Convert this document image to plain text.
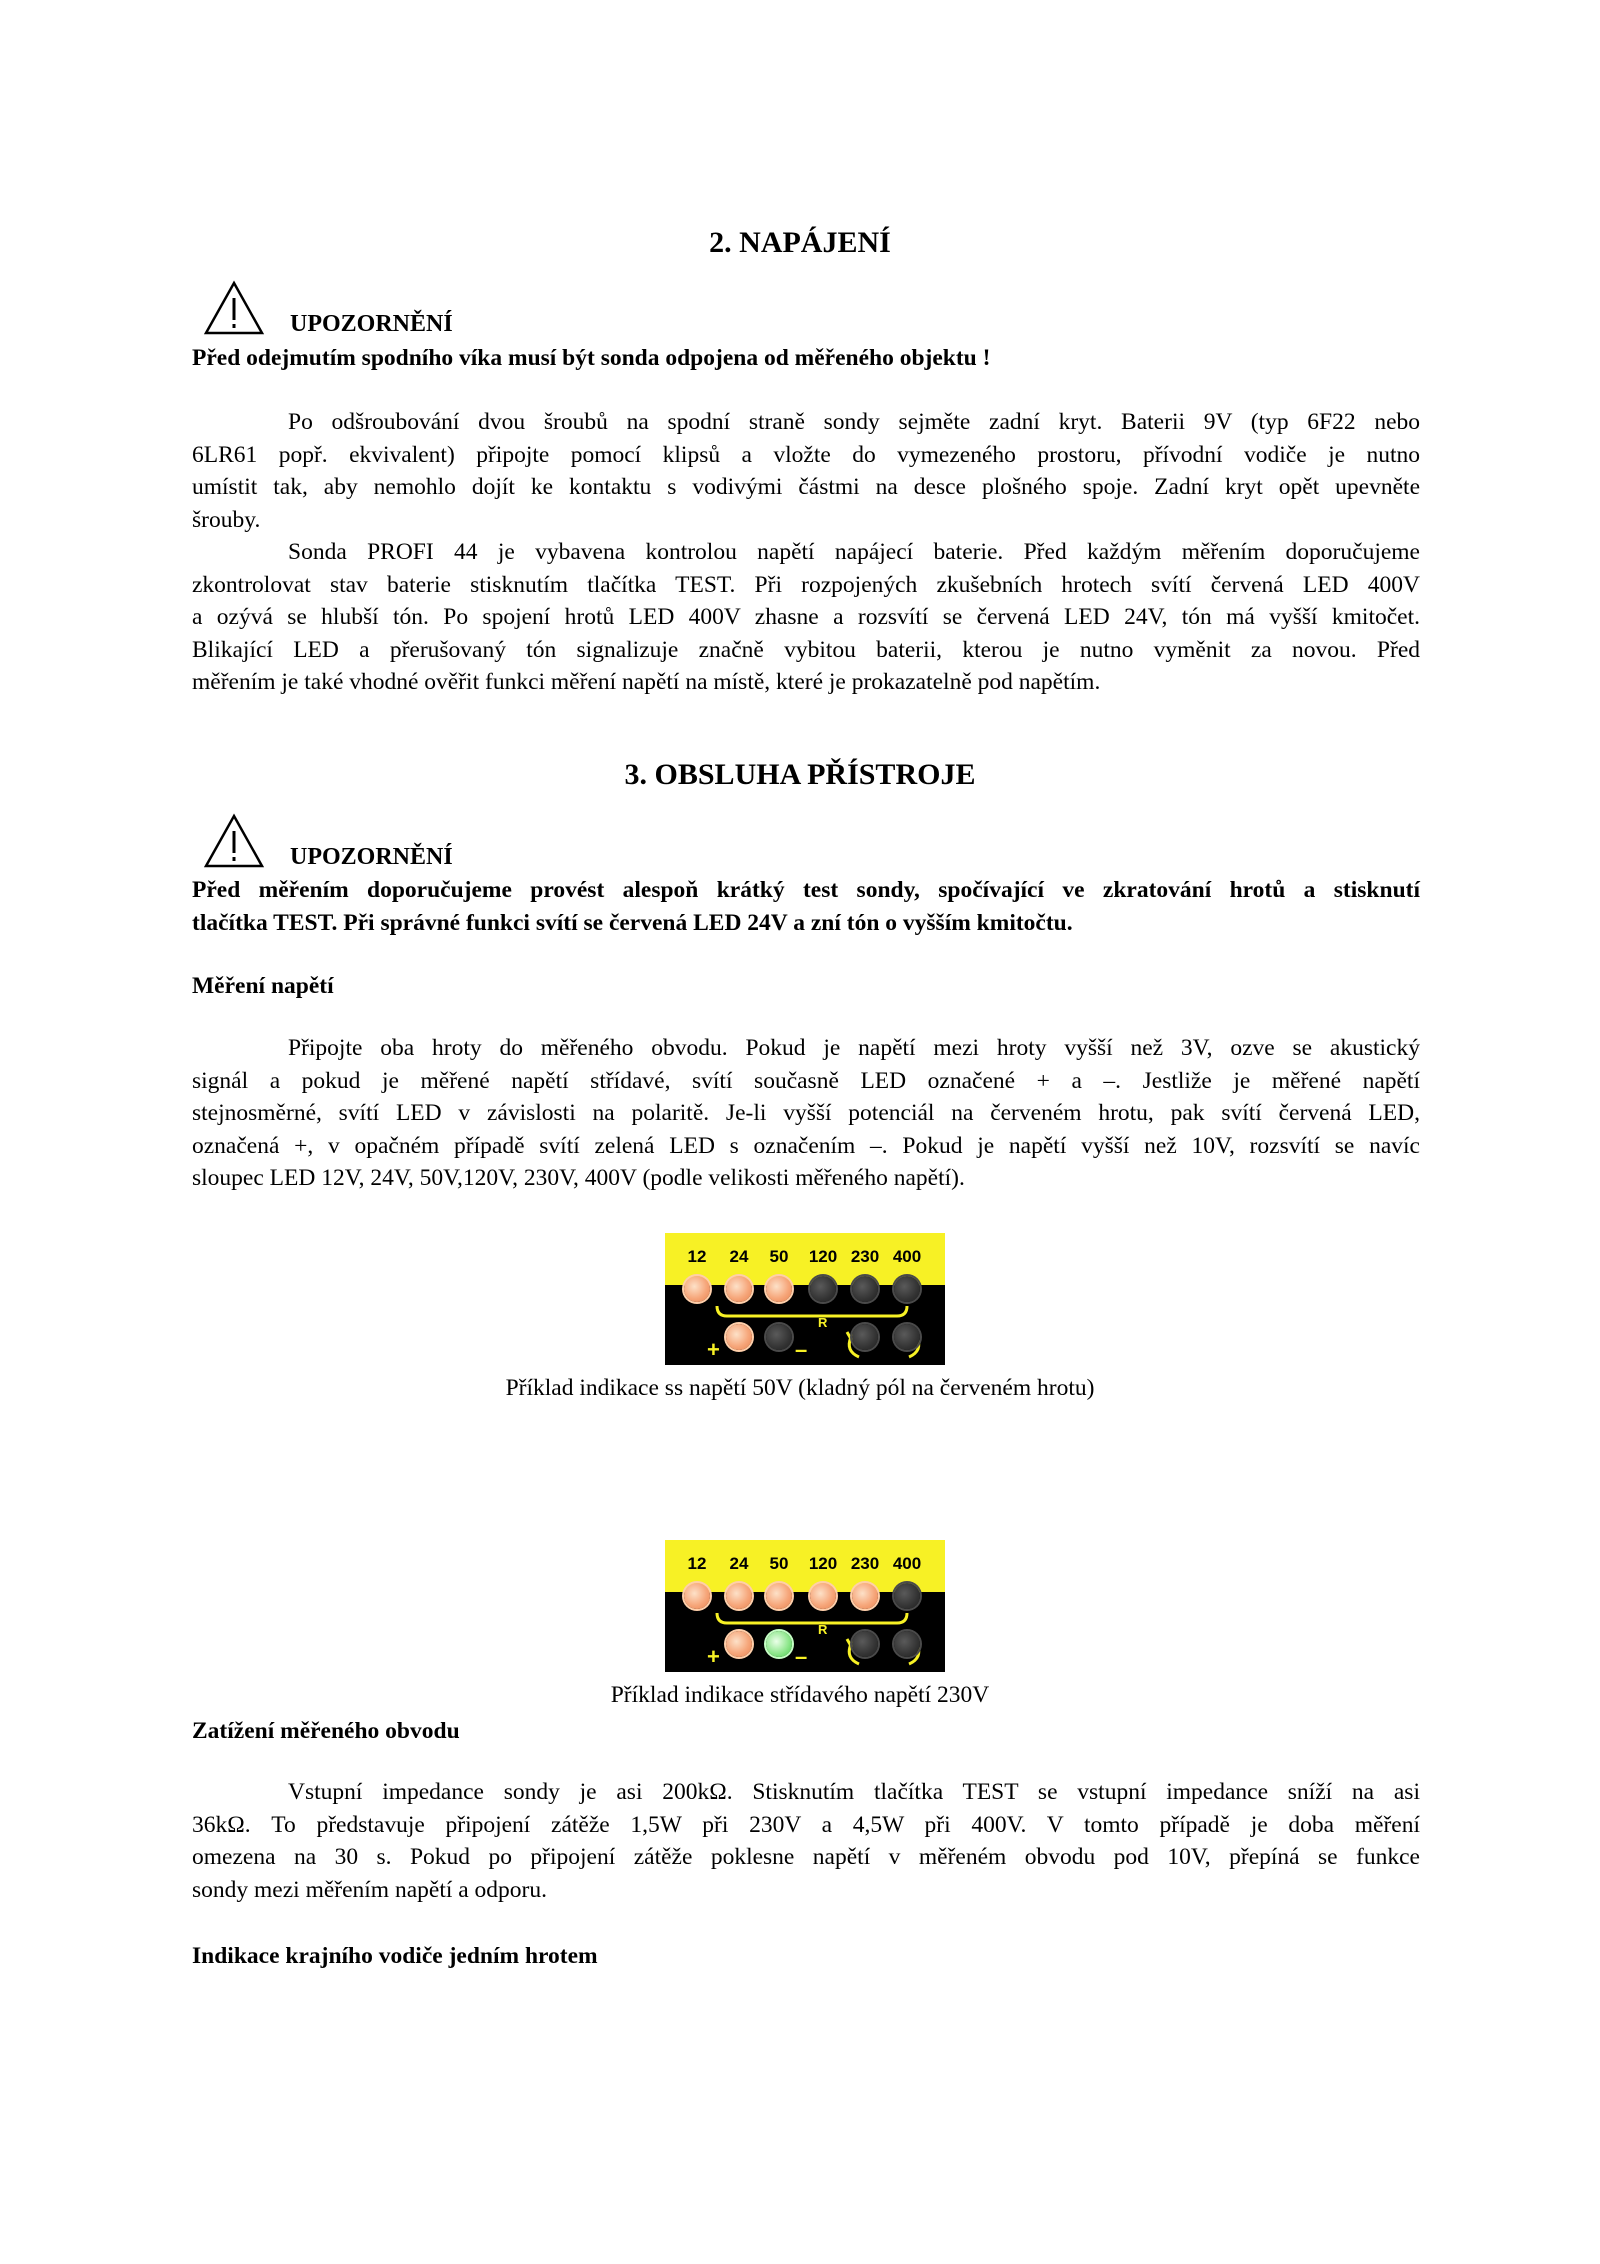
2. NAPÁJENÍ
UPOZORNĚNÍ
Před odejmutím spodního víka musí být sonda odpojena od měřeného objektu !
Po odšroubování dvou šroubů na spodní straně sondy sejměte zadní kryt. Baterii 9V (typ 6F22 nebo
6LR61 popř. ekvivalent) připojte pomocí klipsů a vložte do vymezeného prostoru, přívodní vodiče je nutno
umístit tak, aby nemohlo dojít ke kontaktu s vodivými částmi na desce plošného spoje. Zadní kryt opět upevněte
šrouby.
Sonda PROFI 44 je vybavena kontrolou napětí napájecí baterie. Před každým měřením doporučujeme
zkontrolovat stav baterie stisknutím tlačítka TEST. Při rozpojených zkušebních hrotech svítí červená LED 400V
a ozývá se hlubší tón. Po spojení hrotů LED 400V zhasne a rozsvítí se červená LED 24V, tón má vyšší kmitočet.
Blikající LED a přerušovaný tón signalizuje značně vybitou baterii, kterou je nutno vyměnit za novou. Před
měřením je také vhodné ověřit funkci měření napětí na místě, které je prokazatelně pod napětím.
3. OBSLUHA PŘÍSTROJE
UPOZORNĚNÍ
Před měřením doporučujeme provést alespoň krátký test sondy, spočívající ve zkratování hrotů a stisknutí
tlačítka TEST. Při správné funkci svítí se červená LED 24V a zní tón o vyšším kmitočtu.
Měření napětí
Připojte oba hroty do měřeného obvodu. Pokud je napětí mezi hroty vyšší než 3V, ozve se akustický
signál a pokud je měřené napětí střídavé, svítí současně LED označené + a –. Jestliže je měřené napětí
stejnosměrné, svítí LED v závislosti na polaritě. Je-li vyšší potenciál na červeném hrotu, pak svítí červená LED,
označená +, v opačném případě svítí zelená LED s označením –. Pokud je napětí vyšší než 10V, rozsvítí se navíc
sloupec LED 12V, 24V, 50V,120V, 230V, 400V (podle velikosti měřeného napětí).
12	24	50	120 230 400
+	–
R
Příklad indikace ss napětí 50V (kladný pól na červeném hrotu)
12	24	50	120 230 400
+	–
R
Příklad indikace střídavého napětí 230V
Zatížení měřeného obvodu
Vstupní impedance sondy je asi 200kΩ. Stisknutím tlačítka TEST se vstupní impedance sníží na asi
36kΩ. To představuje připojení zátěže 1,5W při 230V a 4,5W při 400V. V tomto případě je doba měření
omezena na 30 s. Pokud po připojení zátěže poklesne napětí v měřeném obvodu pod 10V, přepíná se funkce
sondy mezi měřením napětí a odporu.
Indikace krajního vodiče jedním hrotem
